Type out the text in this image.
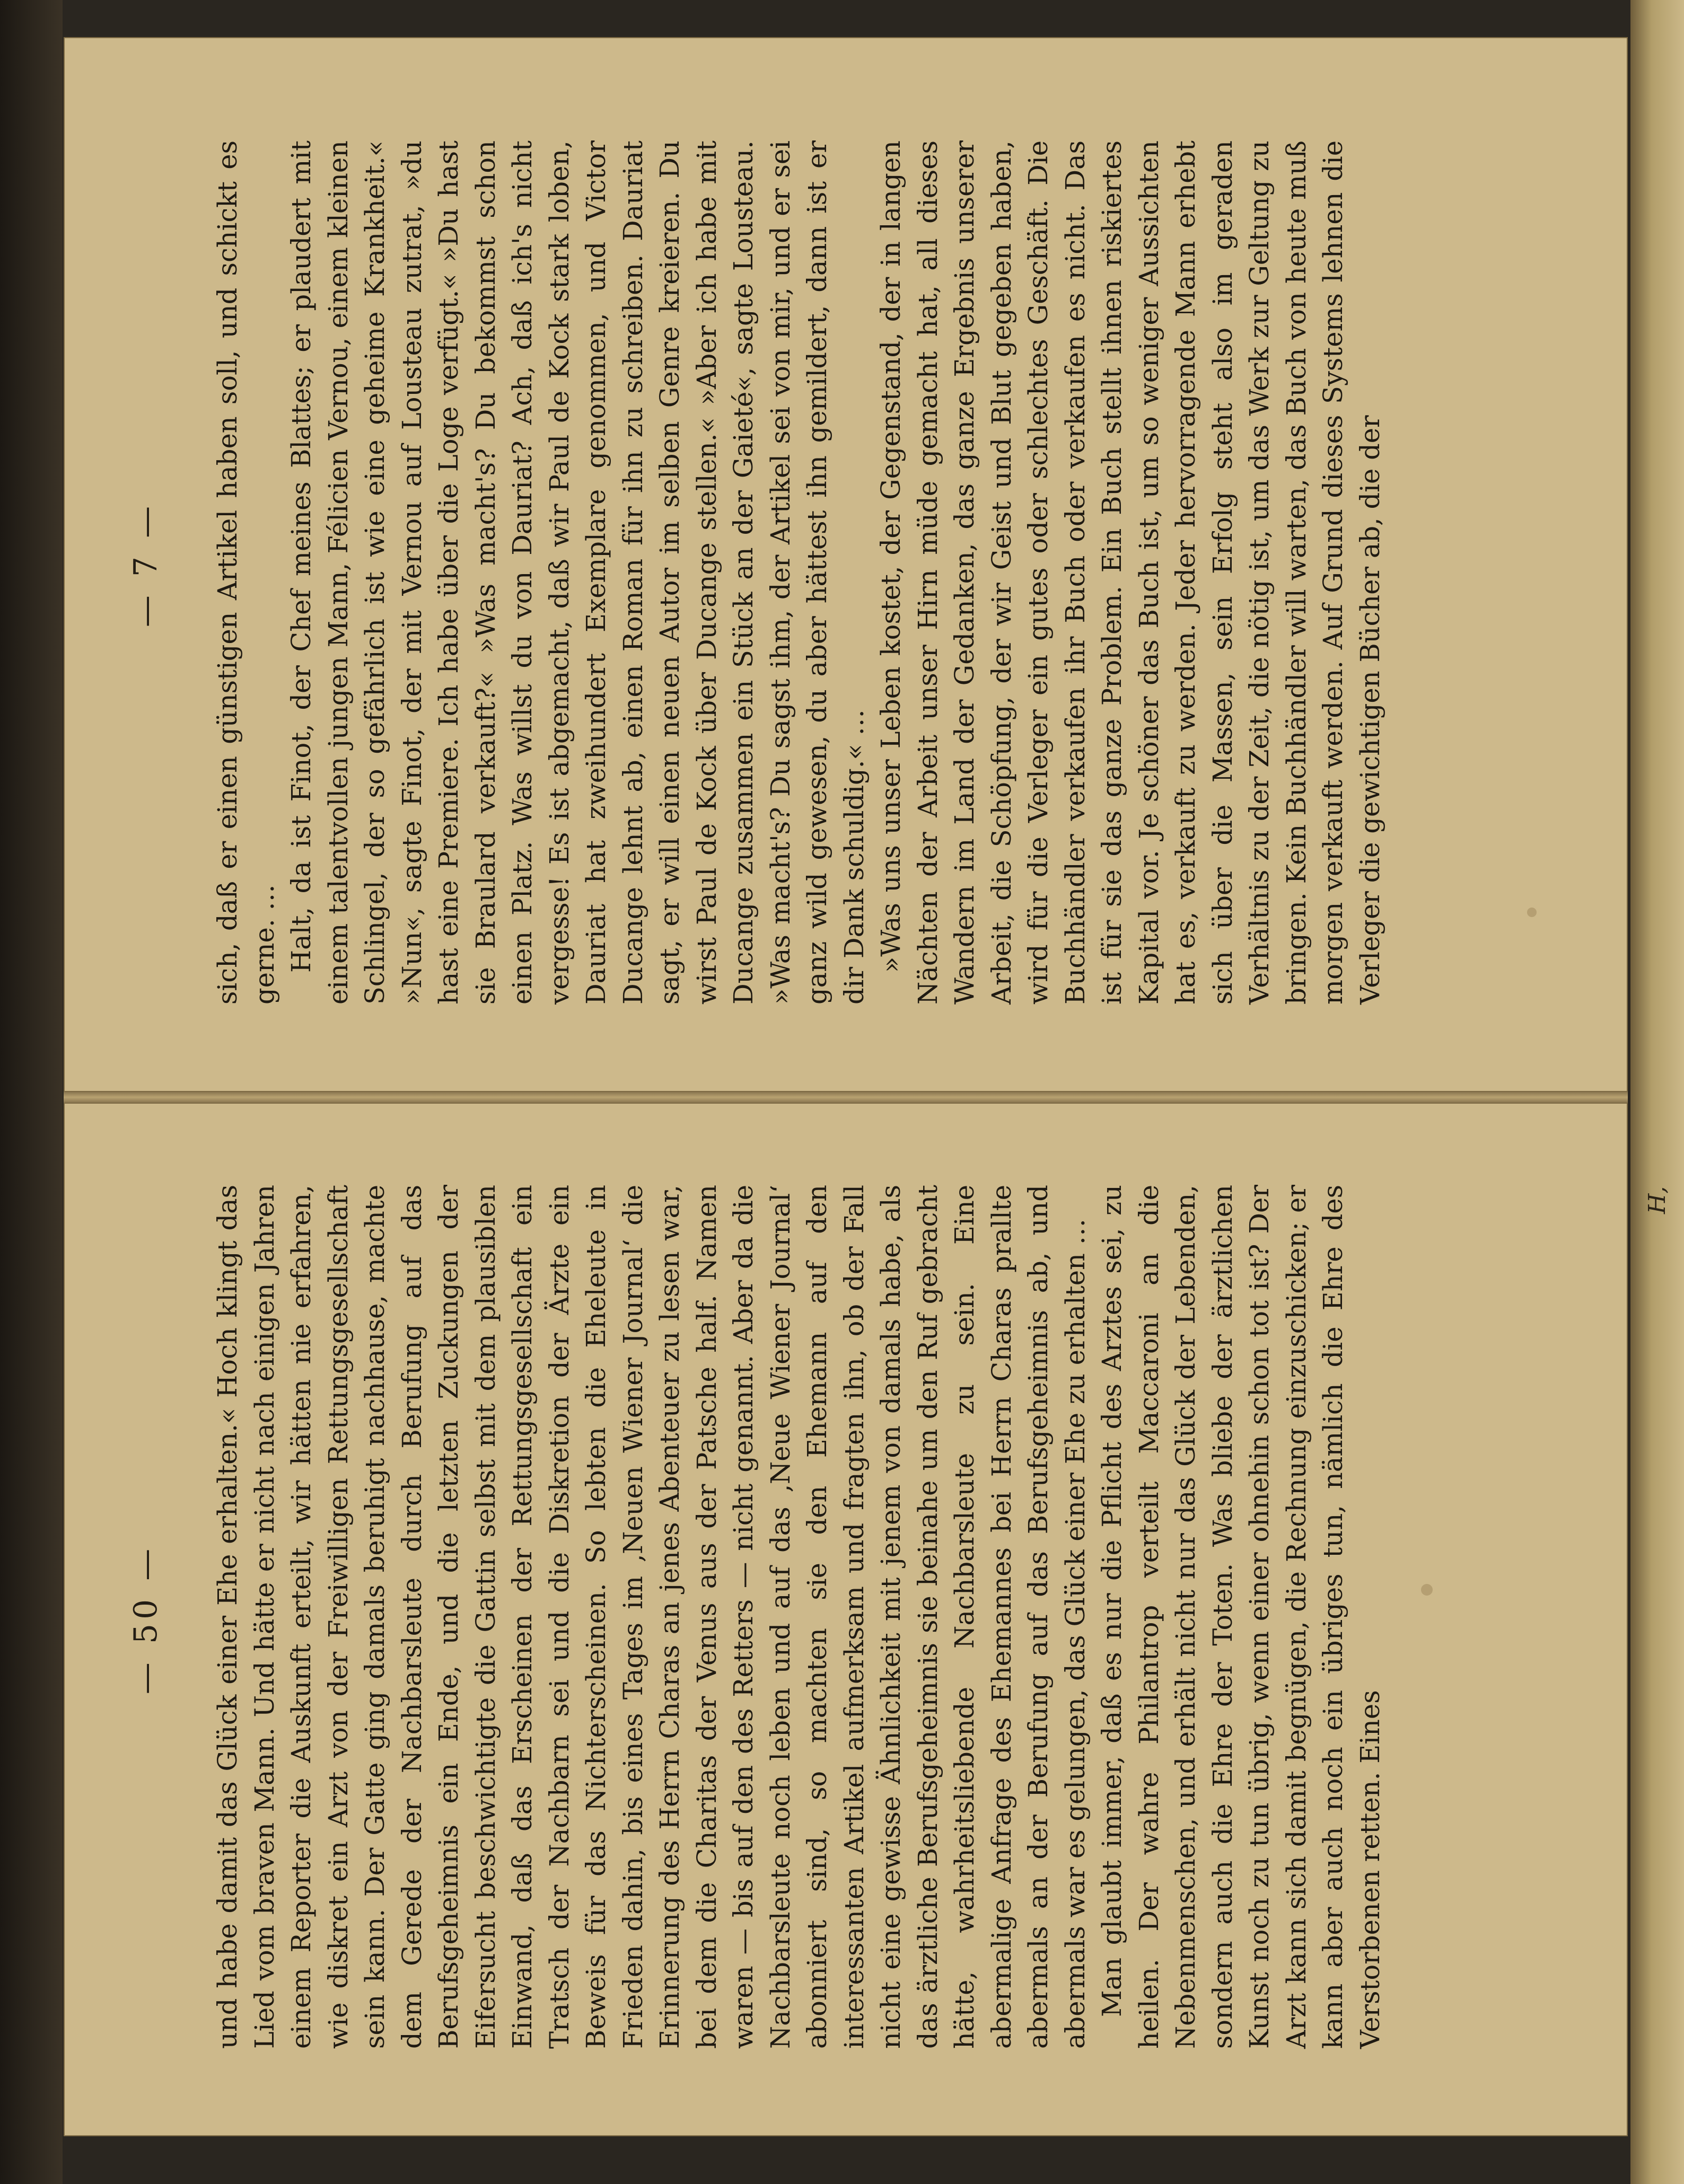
— 50 — und habe damit das Glück einer Ehe erhalten.« Hoch klingt das Lied vom braven Mann. Und hätte er nicht nach einigen Jahren einem Reporter die Auskunft erteilt, wir hätten nie erfahren, wie diskret ein Arzt von der Freiwilligen Rettungsgesellschaft sein kann. Der Gatte ging damals beruhigt nachhause, machte dem Gerede der Nachbarsleute durch Berufung auf das Berufsgeheimnis ein Ende, und die letzten Zuckungen der Eifersucht beschwichtigte die Gattin selbst mit dem plausiblen Einwand, daß das Erscheinen der Rettungsgesellschaft ein Tratsch der Nachbarn sei und die Diskretion der Ärzte ein Beweis für das Nichterscheinen. So lebten die Eheleute in Frieden dahin, bis eines Tages im ‚Neuen Wiener Journal‘ die Erinnerung des Herrn Charas an jenes Abenteuer zu lesen war, bei dem die Charitas der Venus aus der Patsche half. Namen waren — bis auf den des Retters — nicht genannt. Aber da die Nachbarsleute noch leben und auf das ‚Neue Wiener Journal‘ abonniert sind, so machten sie den Ehemann auf den interessanten Artikel aufmerksam und fragten ihn, ob der Fall nicht eine gewisse Ähnlichkeit mit jenem von damals habe, als das ärztliche Berufsgeheimnis sie beinahe um den Ruf gebracht hätte, wahrheitsliebende Nachbarsleute zu sein. Eine abermalige Anfrage des Ehemannes bei Herrn Charas prallte abermals an der Berufung auf das Berufsgeheimnis ab, und abermals war es gelungen, das Glück einer Ehe zu erhalten … Man glaubt immer, daß es nur die Pflicht des Arztes sei, zu heilen. Der wahre Philantrop verteilt Maccaroni an die Nebenmenschen, und erhält nicht nur das Glück der Lebenden, sondern auch die Ehre der Toten. Was bliebe der ärztlichen Kunst noch zu tun übrig, wenn einer ohnehin schon tot ist? Der Arzt kann sich damit begnügen, die Rechnung einzuschicken; er kann aber auch noch ein übriges tun, nämlich die Ehre des Verstorbenen retten. Eines

— 7 — sich, daß er einen günstigen Artikel haben soll, und schickt es gerne. … Halt, da ist Finot, der Chef meines Blattes; er plaudert mit einem talentvollen jungen Mann, Félicien Vernou, einem kleinen Schlingel, der so gefährlich ist wie eine geheime Krankheit.« »Nun«, sagte Finot, der mit Vernou auf Lousteau zutrat, »du hast eine Premiere. Ich habe über die Loge verfügt.« »Du hast sie Braulard verkauft?« »Was macht's? Du bekommst schon einen Platz. Was willst du von Dauriat? Ach, daß ich's nicht vergesse! Es ist abgemacht, daß wir Paul de Kock stark loben, Dauriat hat zweihundert Exemplare genommen, und Victor Ducange lehnt ab, einen Roman für ihn zu schreiben. Dauriat sagt, er will einen neuen Autor im selben Genre kreieren. Du wirst Paul de Kock über Ducange stellen.« »Aber ich habe mit Ducange zusammen ein Stück an der Gaieté«, sagte Lousteau. »Was macht's? Du sagst ihm, der Artikel sei von mir, und er sei ganz wild gewesen, du aber hättest ihn gemildert, dann ist er dir Dank schuldig.« … »Was uns unser Leben kostet, der Gegenstand, der in langen Nächten der Arbeit unser Hirn müde gemacht hat, all dieses Wandern im Land der Gedanken, das ganze Ergebnis unserer Arbeit, die Schöpfung, der wir Geist und Blut gegeben haben, wird für die Verleger ein gutes oder schlechtes Geschäft. Die Buchhändler verkaufen ihr Buch oder verkaufen es nicht. Das ist für sie das ganze Problem. Ein Buch stellt ihnen riskiertes Kapital vor. Je schöner das Buch ist, um so weniger Aussichten hat es, verkauft zu werden. Jeder hervorragende Mann erhebt sich über die Massen, sein Erfolg steht also im geraden Verhältnis zu der Zeit, die nötig ist, um das Werk zur Geltung zu bringen. Kein Buchhändler will warten, das Buch von heute muß morgen verkauft werden. Auf Grund dieses Systems lehnen die Verleger die gewichtigen Bücher ab, die der

H,
